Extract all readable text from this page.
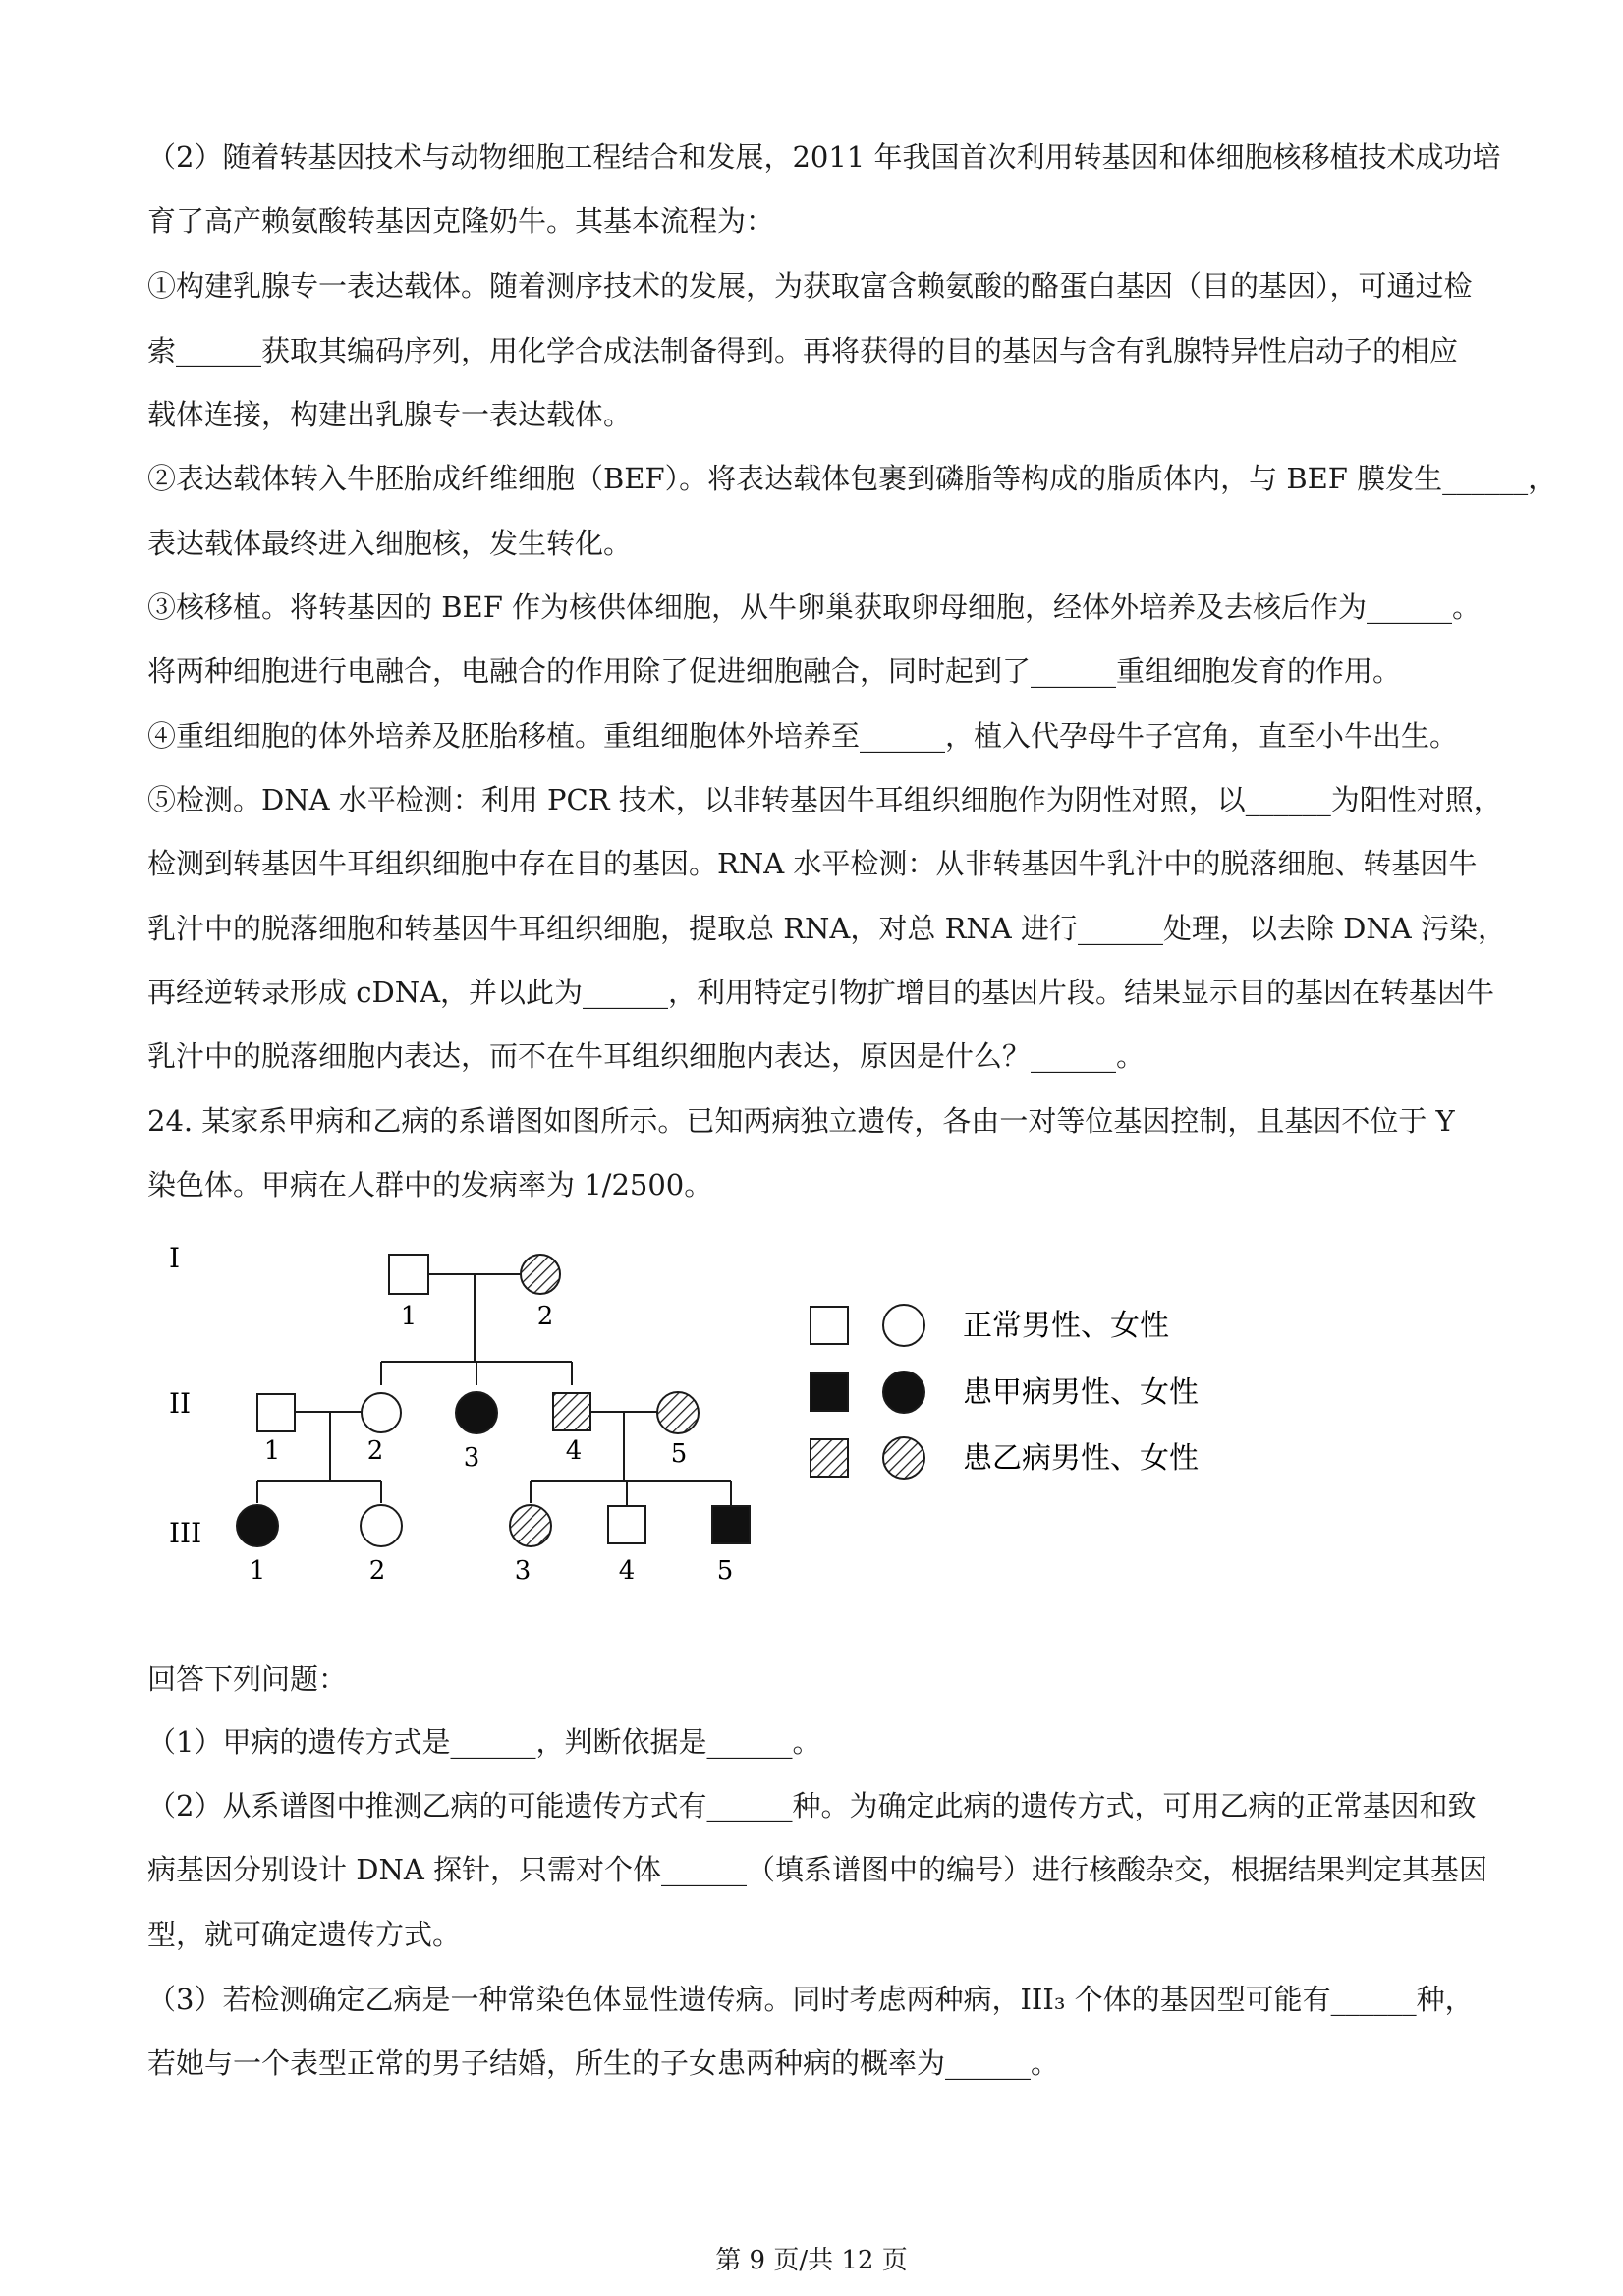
（2）随着转基因技术与动物细胞工程结合和发展，2011 年我国首次利用转基因和体细胞核移植技术成功培
育了高产赖氨酸转基因克隆奶牛。其基本流程为：
①构建乳腺专一表达载体。随着测序技术的发展，为获取富含赖氨酸的酪蛋白基因（目的基因），可通过检
索______获取其编码序列，用化学合成法制备得到。再将获得的目的基因与含有乳腺特异性启动子的相应
载体连接，构建出乳腺专一表达载体。
②表达载体转入牛胚胎成纤维细胞（BEF）。将表达载体包裹到磷脂等构成的脂质体内，与 BEF 膜发生______，
表达载体最终进入细胞核，发生转化。
③核移植。将转基因的 BEF 作为核供体细胞，从牛卵巢获取卵母细胞，经体外培养及去核后作为______。
将两种细胞进行电融合，电融合的作用除了促进细胞融合，同时起到了______重组细胞发育的作用。
④重组细胞的体外培养及胚胎移植。重组细胞体外培养至______，植入代孕母牛子宫角，直至小牛出生。
⑤检测。DNA 水平检测：利用 PCR 技术，以非转基因牛耳组织细胞作为阴性对照，以______为阳性对照，
检测到转基因牛耳组织细胞中存在目的基因。RNA 水平检测：从非转基因牛乳汁中的脱落细胞、转基因牛
乳汁中的脱落细胞和转基因牛耳组织细胞，提取总 RNA，对总 RNA 进行______处理，以去除 DNA 污染，
再经逆转录形成 cDNA，并以此为______，利用特定引物扩增目的基因片段。结果显示目的基因在转基因牛
乳汁中的脱落细胞内表达，而不在牛耳组织细胞内表达，原因是什么？______。
24. 某家系甲病和乙病的系谱图如图所示。已知两病独立遗传，各由一对等位基因控制，且基因不位于 Y
染色体。甲病在人群中的发病率为 1/2500。
I
II
III
1	2
1	2	3	4	5
1	2	3	4	5
正常男性、女性
患甲病男性、女性
患乙病男性、女性
回答下列问题：
（1）甲病的遗传方式是______，判断依据是______。
（2）从系谱图中推测乙病的可能遗传方式有______种。为确定此病的遗传方式，可用乙病的正常基因和致
病基因分别设计 DNA 探针，只需对个体______（填系谱图中的编号）进行核酸杂交，根据结果判定其基因
型，就可确定遗传方式。
（3）若检测确定乙病是一种常染色体显性遗传病。同时考虑两种病，III₃ 个体的基因型可能有______种，
若她与一个表型正常的男子结婚，所生的子女患两种病的概率为______。
第 9 页/共 12 页
